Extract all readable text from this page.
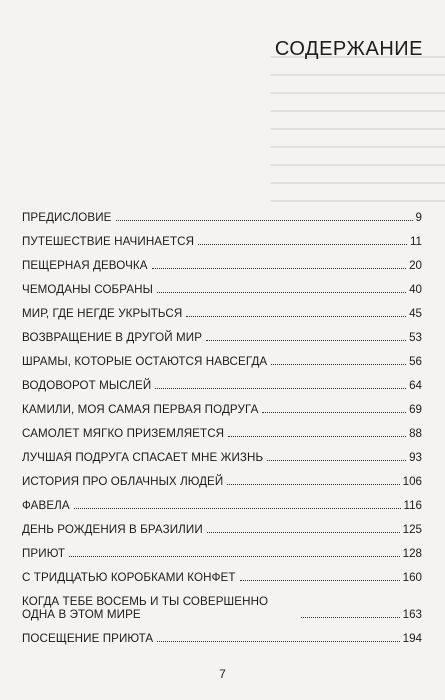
СОДЕРЖАНИЕ
ПРЕДИСЛОВИЕ	9
ПУТЕШЕСТВИЕ НАЧИНАЕТСЯ	11
ПЕЩЕРНАЯ ДЕВОЧКА	20
ЧЕМОДАНЫ СОБРАНЫ	40
МИР, ГДЕ НЕГДЕ УКРЫТЬСЯ	45
ВОЗВРАЩЕНИЕ В ДРУГОЙ МИР	53
ШРАМЫ, КОТОРЫЕ ОСТАЮТСЯ НАВСЕГДА	56
ВОДОВОРОТ МЫСЛЕЙ	64
КАМИЛИ, МОЯ САМАЯ ПЕРВАЯ ПОДРУГА	69
САМОЛЕТ МЯГКО ПРИЗЕМЛЯЕТСЯ	88
ЛУЧШАЯ ПОДРУГА СПАСАЕТ МНЕ ЖИЗНЬ	93
ИСТОРИЯ ПРО ОБЛАЧНЫХ ЛЮДЕЙ	106
ФАВЕЛА	116
ДЕНЬ РОЖДЕНИЯ В БРАЗИЛИИ	125
ПРИЮТ	128
С ТРИДЦАТЬЮ КОРОБКАМИ КОНФЕТ	160
КОГДА ТЕБЕ ВОСЕМЬ И ТЫ СОВЕРШЕННО ОДНА В ЭТОМ МИРЕ	163
ПОСЕЩЕНИЕ ПРИЮТА	194
7
